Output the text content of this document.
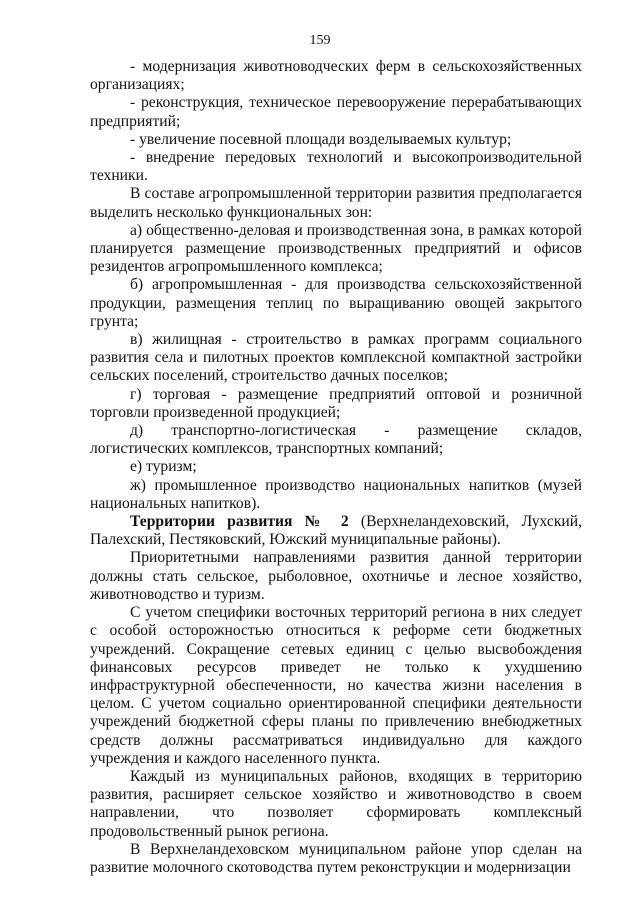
159

- модернизация животноводческих ферм в сельскохозяйственных организациях;

- реконструкция, техническое перевооружение перерабатывающих предприятий;

- увеличение посевной площади возделываемых культур;

- внедрение передовых технологий и высокопроизводительной техники.

В составе агропромышленной территории развития предполагается выделить несколько функциональных зон:

а) общественно-деловая и производственная зона, в рамках которой планируется размещение производственных предприятий и офисов резидентов агропромышленного комплекса;

б) агропромышленная - для производства сельскохозяйственной продукции, размещения теплиц по выращиванию овощей закрытого грунта;

в) жилищная - строительство в рамках программ социального развития села и пилотных проектов комплексной компактной застройки сельских поселений, строительство дачных поселков;

г) торговая - размещение предприятий оптовой и розничной торговли произведенной продукцией;

д) транспортно-логистическая - размещение складов, логистических комплексов, транспортных компаний;

е) туризм;

ж) промышленное производство национальных напитков (музей национальных напитков).

Территории развития № 2 (Верхнеландеховский, Лухский, Палехский, Пестяковский, Южский муниципальные районы).

Приоритетными направлениями развития данной территории должны стать сельское, рыболовное, охотничье и лесное хозяйство, животноводство и туризм.

С учетом специфики восточных территорий региона в них следует с особой осторожностью относиться к реформе сети бюджетных учреждений. Сокращение сетевых единиц с целью высвобождения финансовых ресурсов приведет не только к ухудшению инфраструктурной обеспеченности, но качества жизни населения в целом. С учетом социально ориентированной специфики деятельности учреждений бюджетной сферы планы по привлечению внебюджетных средств должны рассматриваться индивидуально для каждого учреждения и каждого населенного пункта.

Каждый из муниципальных районов, входящих в территорию развития, расширяет сельское хозяйство и животноводство в своем направлении, что позволяет сформировать комплексный продовольственный рынок региона.

В Верхнеландеховском муниципальном районе упор сделан на развитие молочного скотоводства путем реконструкции и модернизации
